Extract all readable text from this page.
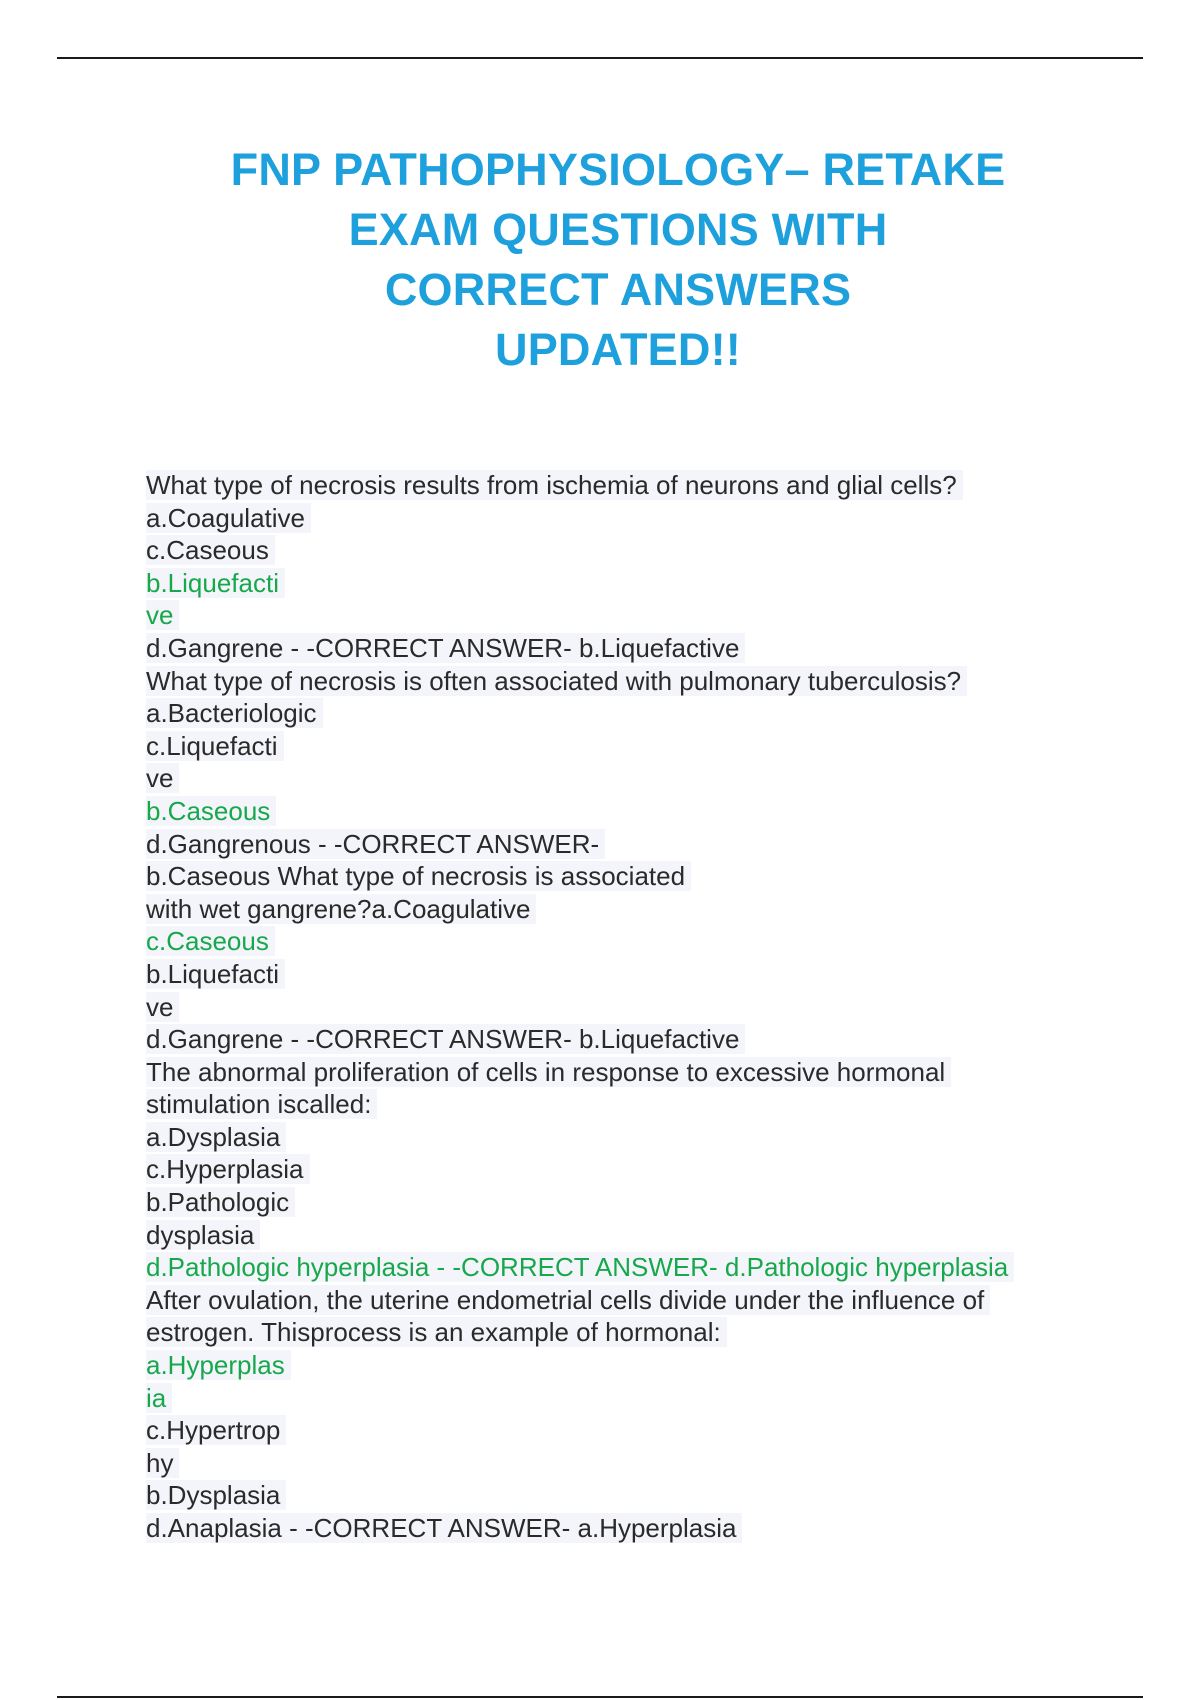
FNP PATHOPHYSIOLOGY– RETAKE
EXAM QUESTIONS WITH
CORRECT ANSWERS
UPDATED!!
What type of necrosis results from ischemia of neurons and glial cells?
a.Coagulative
c.Caseous
b.Liquefacti
ve
d.Gangrene - -CORRECT ANSWER- b.Liquefactive
What type of necrosis is often associated with pulmonary tuberculosis?
a.Bacteriologic
c.Liquefacti
ve
b.Caseous
d.Gangrenous - -CORRECT ANSWER-
b.Caseous What type of necrosis is associated
with wet gangrene?a.Coagulative
c.Caseous
b.Liquefacti
ve
d.Gangrene - -CORRECT ANSWER- b.Liquefactive
The abnormal proliferation of cells in response to excessive hormonal
stimulation iscalled:
a.Dysplasia
c.Hyperplasia
b.Pathologic
dysplasia
d.Pathologic hyperplasia - -CORRECT ANSWER- d.Pathologic hyperplasia
After ovulation, the uterine endometrial cells divide under the influence of
estrogen. Thisprocess is an example of hormonal:
a.Hyperplas
ia
c.Hypertrop
hy
b.Dysplasia
d.Anaplasia - -CORRECT ANSWER- a.Hyperplasia
